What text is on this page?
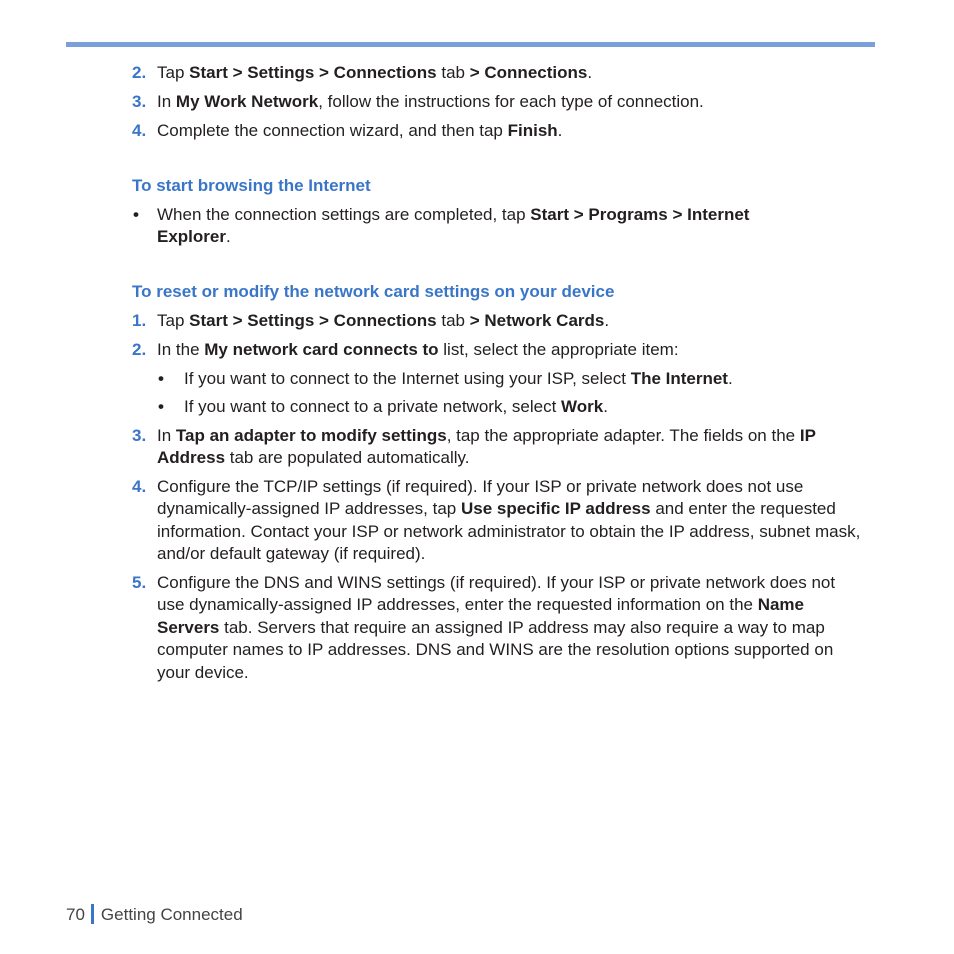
2. Tap Start > Settings > Connections tab > Connections.
3. In My Work Network, follow the instructions for each type of connection.
4. Complete the connection wizard, and then tap Finish.
To start browsing the Internet
• When the connection settings are completed, tap Start > Programs > Internet Explorer.
To reset or modify the network card settings on your device
1. Tap Start > Settings > Connections tab > Network Cards.
2. In the My network card connects to list, select the appropriate item:
• If you want to connect to the Internet using your ISP, select The Internet.
• If you want to connect to a private network, select Work.
3. In Tap an adapter to modify settings, tap the appropriate adapter. The fields on the IP Address tab are populated automatically.
4. Configure the TCP/IP settings (if required). If your ISP or private network does not use dynamically-assigned IP addresses, tap Use specific IP address and enter the requested information. Contact your ISP or network administrator to obtain the IP address, subnet mask, and/or default gateway (if required).
5. Configure the DNS and WINS settings (if required). If your ISP or private network does not use dynamically-assigned IP addresses, enter the requested information on the Name Servers tab. Servers that require an assigned IP address may also require a way to map computer names to IP addresses. DNS and WINS are the resolution options supported on your device.
70 Getting Connected
